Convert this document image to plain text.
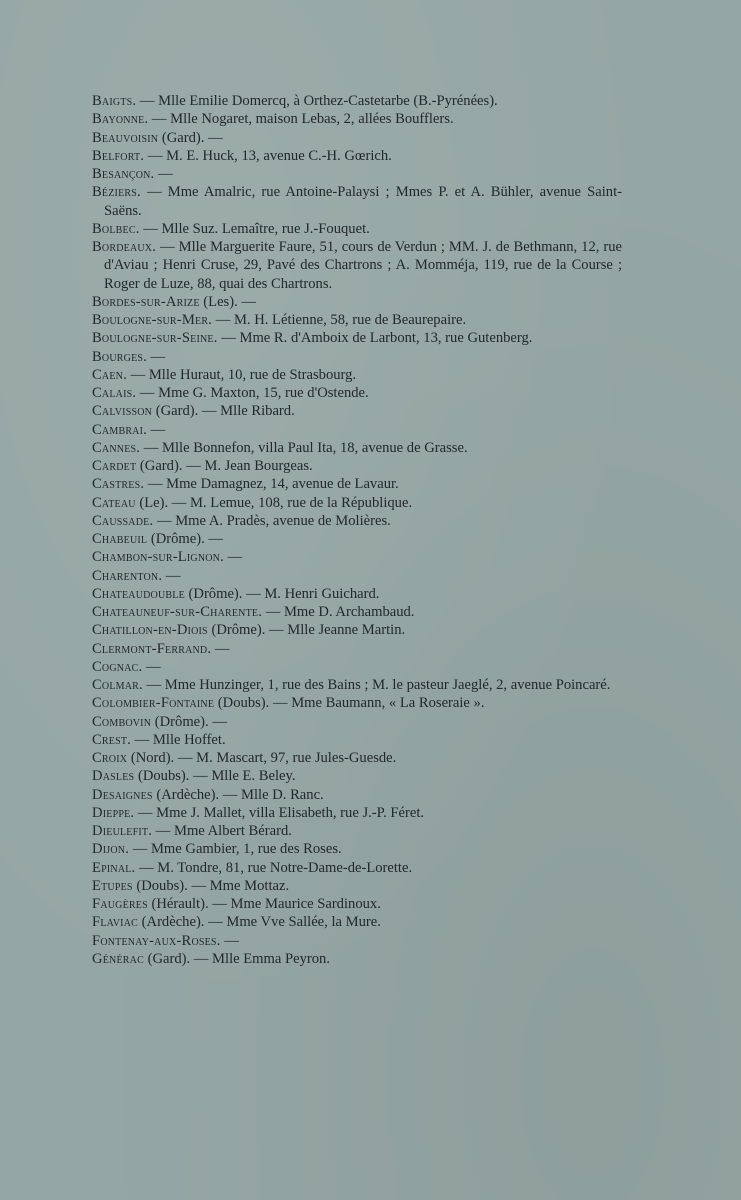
Baigts. — Mlle Emilie Domercq, à Orthez-Castetarbe (B.-Pyrénées).

Bayonne. — Mlle Nogaret, maison Lebas, 2, allées Boufflers.

Beauvoisin (Gard). —

Belfort. — M. E. Huck, 13, avenue C.-H. Gœrich.

Besançon. —

Béziers. — Mme Amalric, rue Antoine-Palaysi ; Mmes P. et A. Bühler, avenue Saint-Saëns.

Bolbec. — Mlle Suz. Lemaître, rue J.-Fouquet.

Bordeaux. — Mlle Marguerite Faure, 51, cours de Verdun ; MM. J. de Bethmann, 12, rue d'Aviau ; Henri Cruse, 29, Pavé des Chartrons ; A. Momméja, 119, rue de la Course ; Roger de Luze, 88, quai des Chartrons.

Bordes-sur-Arize (Les). —

Boulogne-sur-Mer. — M. H. Létienne, 58, rue de Beaurepaire.

Boulogne-sur-Seine. — Mme R. d'Amboix de Larbont, 13, rue Gutenberg.

Bourges. —

Caen. — Mlle Huraut, 10, rue de Strasbourg.

Calais. — Mme G. Maxton, 15, rue d'Ostende.

Calvisson (Gard). — Mlle Ribard.

Cambrai. —

Cannes. — Mlle Bonnefon, villa Paul Ita, 18, avenue de Grasse.

Cardet (Gard). — M. Jean Bourgeas.

Castres. — Mme Damagnez, 14, avenue de Lavaur.

Cateau (Le). — M. Lemue, 108, rue de la République.

Caussade. — Mme A. Pradès, avenue de Molières.

Chabeuil (Drôme). —

Chambon-sur-Lignon. —

Charenton. —

Chateaudouble (Drôme). — M. Henri Guichard.

Chateauneuf-sur-Charente. — Mme D. Archambaud.

Chatillon-en-Diois (Drôme). — Mlle Jeanne Martin.

Clermont-Ferrand. —

Cognac. —

Colmar. — Mme Hunzinger, 1, rue des Bains ; M. le pasteur Jaeglé, 2, avenue Poincaré.

Colombier-Fontaine (Doubs). — Mme Baumann, « La Roseraie ».

Combovin (Drôme). —

Crest. — Mlle Hoffet.

Croix (Nord). — M. Mascart, 97, rue Jules-Guesde.

Dasles (Doubs). — Mlle E. Beley.

Desaignes (Ardèche). — Mlle D. Ranc.

Dieppe. — Mme J. Mallet, villa Elisabeth, rue J.-P. Féret.

Dieulefit. — Mme Albert Bérard.

Dijon. — Mme Gambier, 1, rue des Roses.

Epinal. — M. Tondre, 81, rue Notre-Dame-de-Lorette.

Etupes (Doubs). — Mme Mottaz.

Faugères (Hérault). — Mme Maurice Sardinoux.

Flaviac (Ardèche). — Mme Vve Sallée, la Mure.

Fontenay-aux-Roses. —

Générac (Gard). — Mlle Emma Peyron.
